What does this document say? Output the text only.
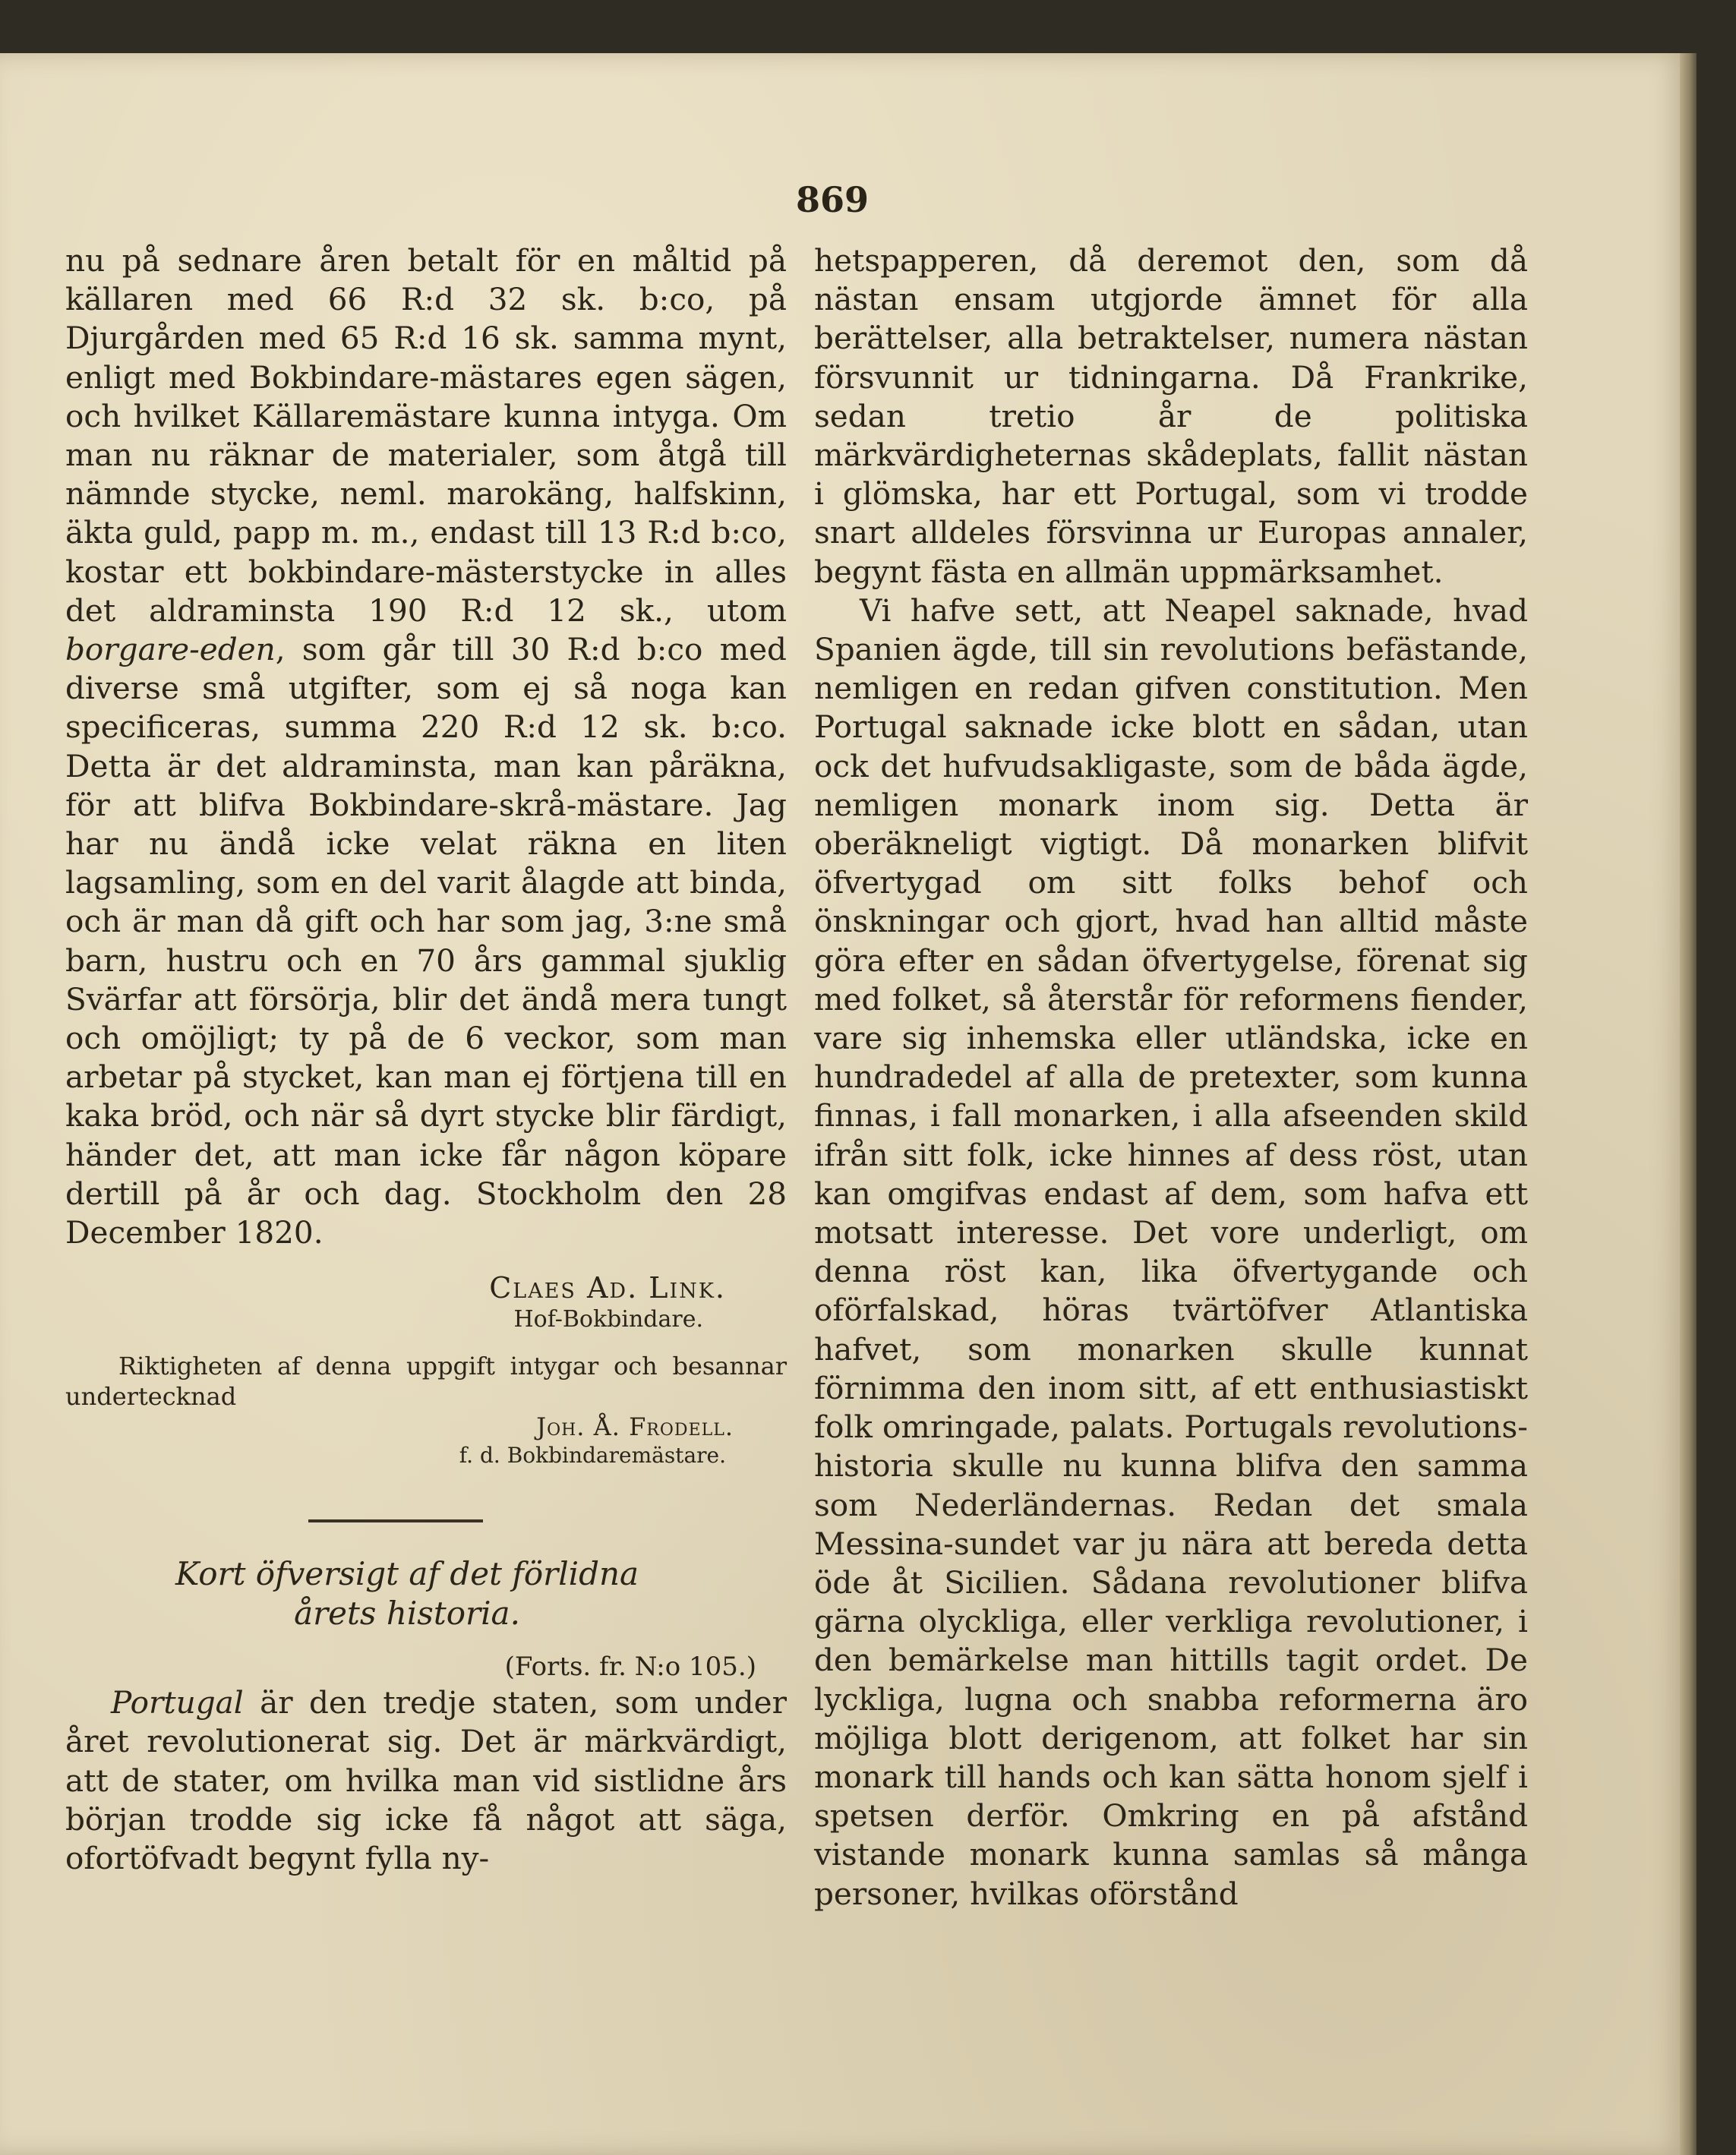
869

nu på sednare åren betalt för en måltid på källaren med 66 R:d 32 sk. b:co, på Djurgården med 65 R:d 16 sk. samma mynt, enligt med Bokbindare-mästares egen sägen, och hvilket Källaremästare kunna intyga. Om man nu räknar de materialer, som åtgå till nämnde stycke, neml. marokäng, halfskinn, äkta guld, papp m. m., endast till 13 R:d b:co, kostar ett bokbindare-mästerstycke in alles det aldraminsta 190 R:d 12 sk., utom borgare-eden, som går till 30 R:d b:co med diverse små utgifter, som ej så noga kan specificeras, summa 220 R:d 12 sk. b:co. Detta är det aldraminsta, man kan påräkna, för att blifva Bokbindare-skrå-mästare. Jag har nu ändå icke velat räkna en liten lagsamling, som en del varit ålagde att binda, och är man då gift och har som jag, 3:ne små barn, hustru och en 70 års gammal sjuklig Svärfar att försörja, blir det ändå mera tungt och omöjligt; ty på de 6 veckor, som man arbetar på stycket, kan man ej förtjena till en kaka bröd, och när så dyrt stycke blir färdigt, händer det, att man icke får någon köpare dertill på år och dag. Stockholm den 28 December 1820.

Claes Ad. Link.
Hof-Bokbindare.

Riktigheten af denna uppgift intygar och besannar undertecknad

Joh. Å. Frodell.
f. d. Bokbindaremästare.
Kort öfversigt af det förlidna
årets historia.
(Forts. fr. N:o 105.)

Portugal är den tredje staten, som under året revolutionerat sig. Det är märkvärdigt, att de stater, om hvilka man vid sistlidne års början trodde sig icke få något att säga, ofortöfvadt begynt fylla ny-

hetspapperen, då deremot den, som då nästan ensam utgjorde ämnet för alla berättelser, alla betraktelser, numera nästan försvunnit ur tidningarna. Då Frankrike, sedan tretio år de politiska märkvärdigheternas skådeplats, fallit nästan i glömska, har ett Portugal, som vi trodde snart alldeles försvinna ur Europas annaler, begynt fästa en allmän uppmärksamhet.

Vi hafve sett, att Neapel saknade, hvad Spanien ägde, till sin revolutions befästande, nemligen en redan gifven constitution. Men Portugal saknade icke blott en sådan, utan ock det hufvudsakligaste, som de båda ägde, nemligen monark inom sig. Detta är oberäkneligt vigtigt. Då monarken blifvit öfvertygad om sitt folks behof och önskningar och gjort, hvad han alltid måste göra efter en sådan öfvertygelse, förenat sig med folket, så återstår för reformens fiender, vare sig inhemska eller utländska, icke en hundradedel af alla de pretexter, som kunna finnas, i fall monarken, i alla afseenden skild ifrån sitt folk, icke hinnes af dess röst, utan kan omgifvas endast af dem, som hafva ett motsatt interesse. Det vore underligt, om denna röst kan, lika öfvertygande och oförfalskad, höras tvärtöfver Atlantiska hafvet, som monarken skulle kunnat förnimma den inom sitt, af ett enthusiastiskt folk omringade, palats. Portugals revolutions-historia skulle nu kunna blifva den samma som Nederländernas. Redan det smala Messina-sundet var ju nära att bereda detta öde åt Sicilien. Sådana revolutioner blifva gärna olyckliga, eller verkliga revolutioner, i den bemärkelse man hittills tagit ordet. De lyckliga, lugna och snabba reformerna äro möjliga blott derigenom, att folket har sin monark till hands och kan sätta honom sjelf i spetsen derför. Omkring en på afstånd vistande monark kunna samlas så många personer, hvilkas oförstånd
